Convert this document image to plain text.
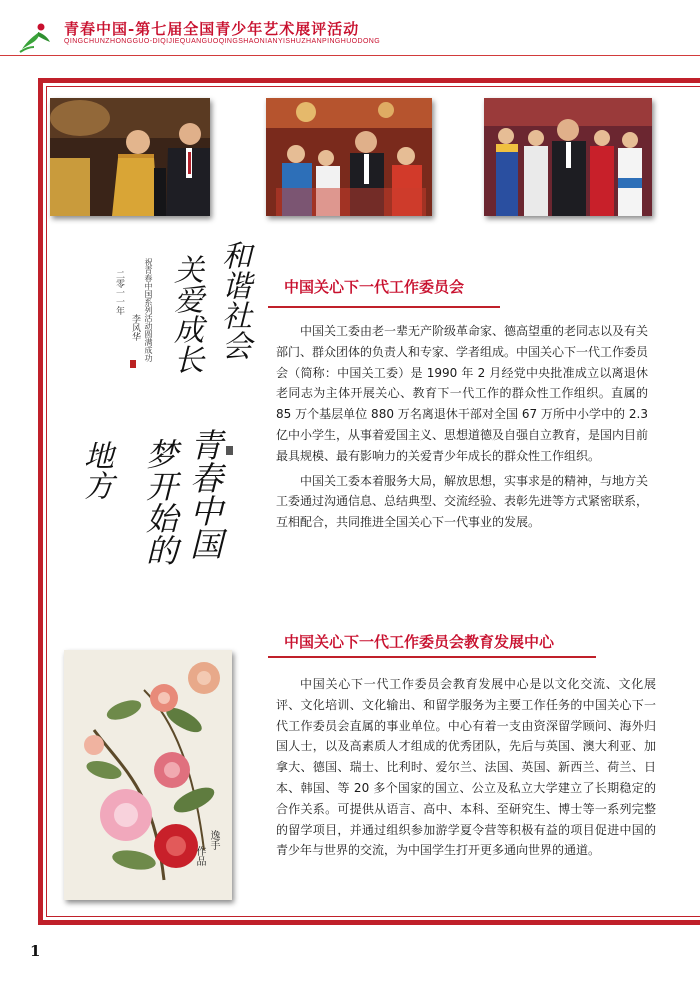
青春中国-第七届全国青少年艺术展评活动
QINGCHUNZHONGGUO-DIQIJIEQUANGUOQINGSHAONIANYISHUZHANPINGHUODONG
和谐社会
关爱成长
祝青春中国系列活动圆满成功
二零一一年
李风华
青春中国
梦开始的
地方
中国关心下一代工作委员会

中国关工委由老一辈无产阶级革命家、德高望重的老同志以及有关部门、群众团体的负责人和专家、学者组成。中国关心下一代工作委员会（简称：中国关工委）是 1990 年 2 月经党中央批准成立以离退休老同志为主体开展关心、教育下一代工作的群众性工作组织。直属的 85 万个基层单位 880 万名离退休干部对全国 67 万所中小学中的 2.3 亿中小学生，从事着爱国主义、思想道德及自强自立教育，是国内目前最具规模、最有影响力的关爱青少年成长的群众性工作组织。

中国关工委本着服务大局，解放思想，实事求是的精神，与地方关工委通过沟通信息、总结典型、交流经验、表彰先进等方式紧密联系，互相配合，共同推进全国关心下一代事业的发展。

中国关心下一代工作委员会教育发展中心

中国关心下一代工作委员会教育发展中心是以文化交流、文化展评、文化培训、文化输出、和留学服务为主要工作任务的中国关心下一代工作委员会直属的事业单位。中心有着一支由资深留学顾问、海外归国人士，以及高素质人才组成的优秀团队，先后与英国、澳大利亚、加拿大、德国、瑞士、比利时、爱尔兰、法国、英国、新西兰、荷兰、日本、韩国、等 20 多个国家的国立、公立及私立大学建立了长期稳定的合作关系。可提供从语言、高中、本科、至研究生、博士等一系列完整的留学项目，并通过组织参加游学夏令营等积极有益的项目促进中国的青少年与世界的交流，为中国学生打开更多通向世界的通道。

逸手
作品
1
